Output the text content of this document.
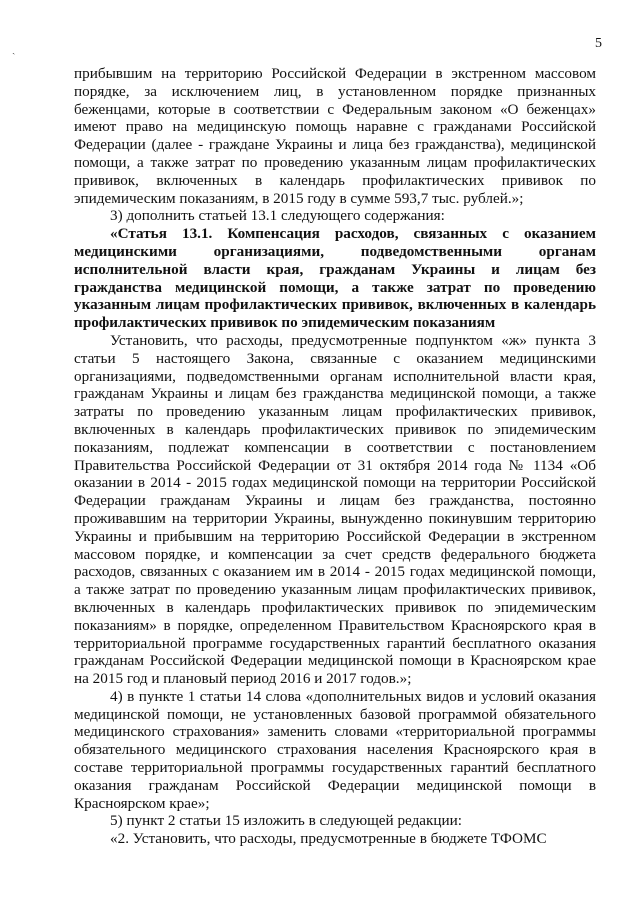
ˎ	5

прибывшим на территорию Российской Федерации в экстренном массовом порядке, за исключением лиц, в установленном порядке признанных беженцами, которые в соответствии с Федеральным законом «О беженцах» имеют право на медицинскую помощь наравне с гражданами Российской Федерации (далее - граждане Украины и лица без гражданства), медицинской помощи, а также затрат по проведению указанным лицам профилактических прививок, включенных в календарь профилактических прививок по эпидемическим показаниям, в 2015 году в сумме 593,7 тыс. рублей.»;

3) дополнить статьей 13.1 следующего содержания:

«Статья 13.1. Компенсация расходов, связанных с оказанием медицинскими организациями, подведомственными органам исполнительной власти края, гражданам Украины и лицам без гражданства медицинской помощи, а также затрат по проведению указанным лицам профилактических прививок, включенных в календарь профилактических прививок по эпидемическим показаниям

Установить, что расходы, предусмотренные подпунктом «ж» пункта 3 статьи 5 настоящего Закона, связанные с оказанием медицинскими организациями, подведомственными органам исполнительной власти края, гражданам Украины и лицам без гражданства медицинской помощи, а также затраты по проведению указанным лицам профилактических прививок, включенных в календарь профилактических прививок по эпидемическим показаниям, подлежат компенсации в соответствии с постановлением Правительства Российской Федерации от 31 октября 2014 года № 1134 «Об оказании в 2014 - 2015 годах медицинской помощи на территории Российской Федерации гражданам Украины и лицам без гражданства, постоянно проживавшим на территории Украины, вынужденно покинувшим территорию Украины и прибывшим на территорию Российской Федерации в экстренном массовом порядке, и компенсации за счет средств федерального бюджета расходов, связанных с оказанием им в 2014 - 2015 годах медицинской помощи, а также затрат по проведению указанным лицам профилактических прививок, включенных в календарь профилактических прививок по эпидемическим показаниям» в порядке, определенном Правительством Красноярского края в территориальной программе государственных гарантий бесплатного оказания гражданам Российской Федерации медицинской помощи в Красноярском крае на 2015 год и плановый период 2016 и 2017 годов.»;

4) в пункте 1 статьи 14 слова «дополнительных видов и условий оказания медицинской помощи, не установленных базовой программой обязательного медицинского страхования» заменить словами «территориальной программы обязательного медицинского страхования населения Красноярского края в составе территориальной программы государственных гарантий бесплатного оказания гражданам Российской Федерации медицинской помощи в Красноярском крае»;

5) пункт 2 статьи 15 изложить в следующей редакции:

«2. Установить, что расходы, предусмотренные в бюджете ТФОМС
